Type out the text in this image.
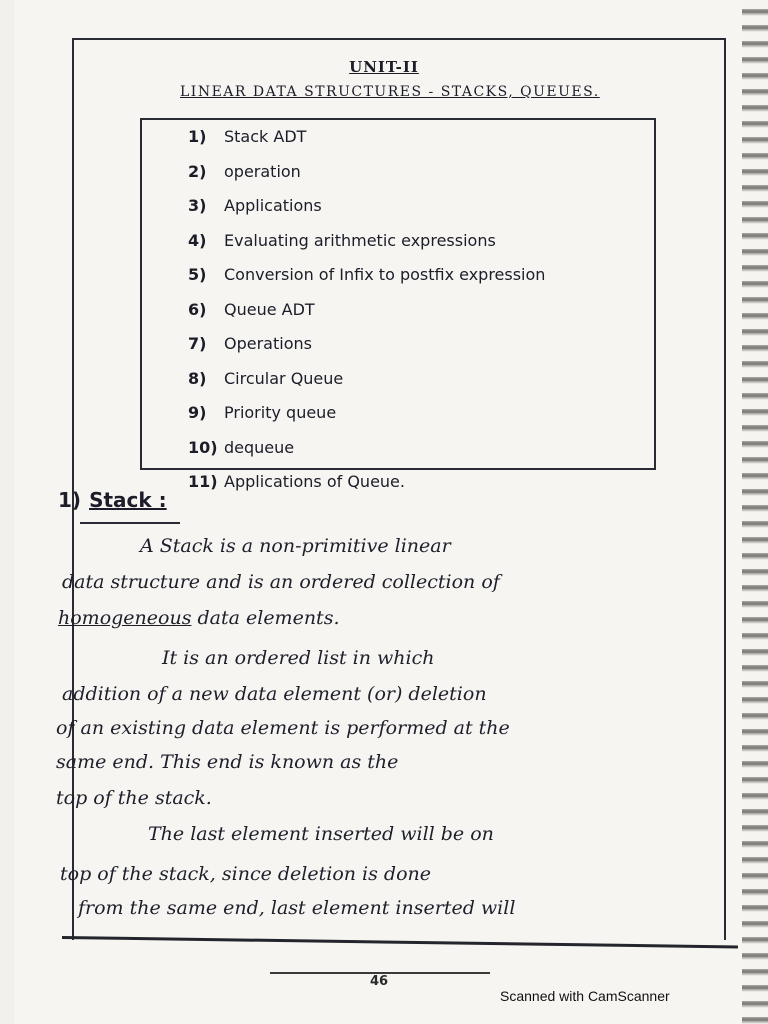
UNIT-II
LINEAR DATA STRUCTURES - STACKS, QUEUES.
1) Stack ADT
2) operation
3) Applications
4) Evaluating arithmetic expressions
5) Conversion of Infix to postfix expression
6) Queue ADT
7) Operations
8) Circular Queue
9) Priority queue
10) dequeue
11) Applications of Queue.
1) Stack :
A Stack is a non-primitive linear
data structure and is an ordered collection of
homogeneous data elements.
It is an ordered list in which
addition of a new data element (or) deletion
of an existing data element is performed at the
same end. This end is known as the
top of the stack.
The last element inserted will be on
top of the stack, since deletion is done
from the same end, last element inserted will
46
Scanned with CamScanner
